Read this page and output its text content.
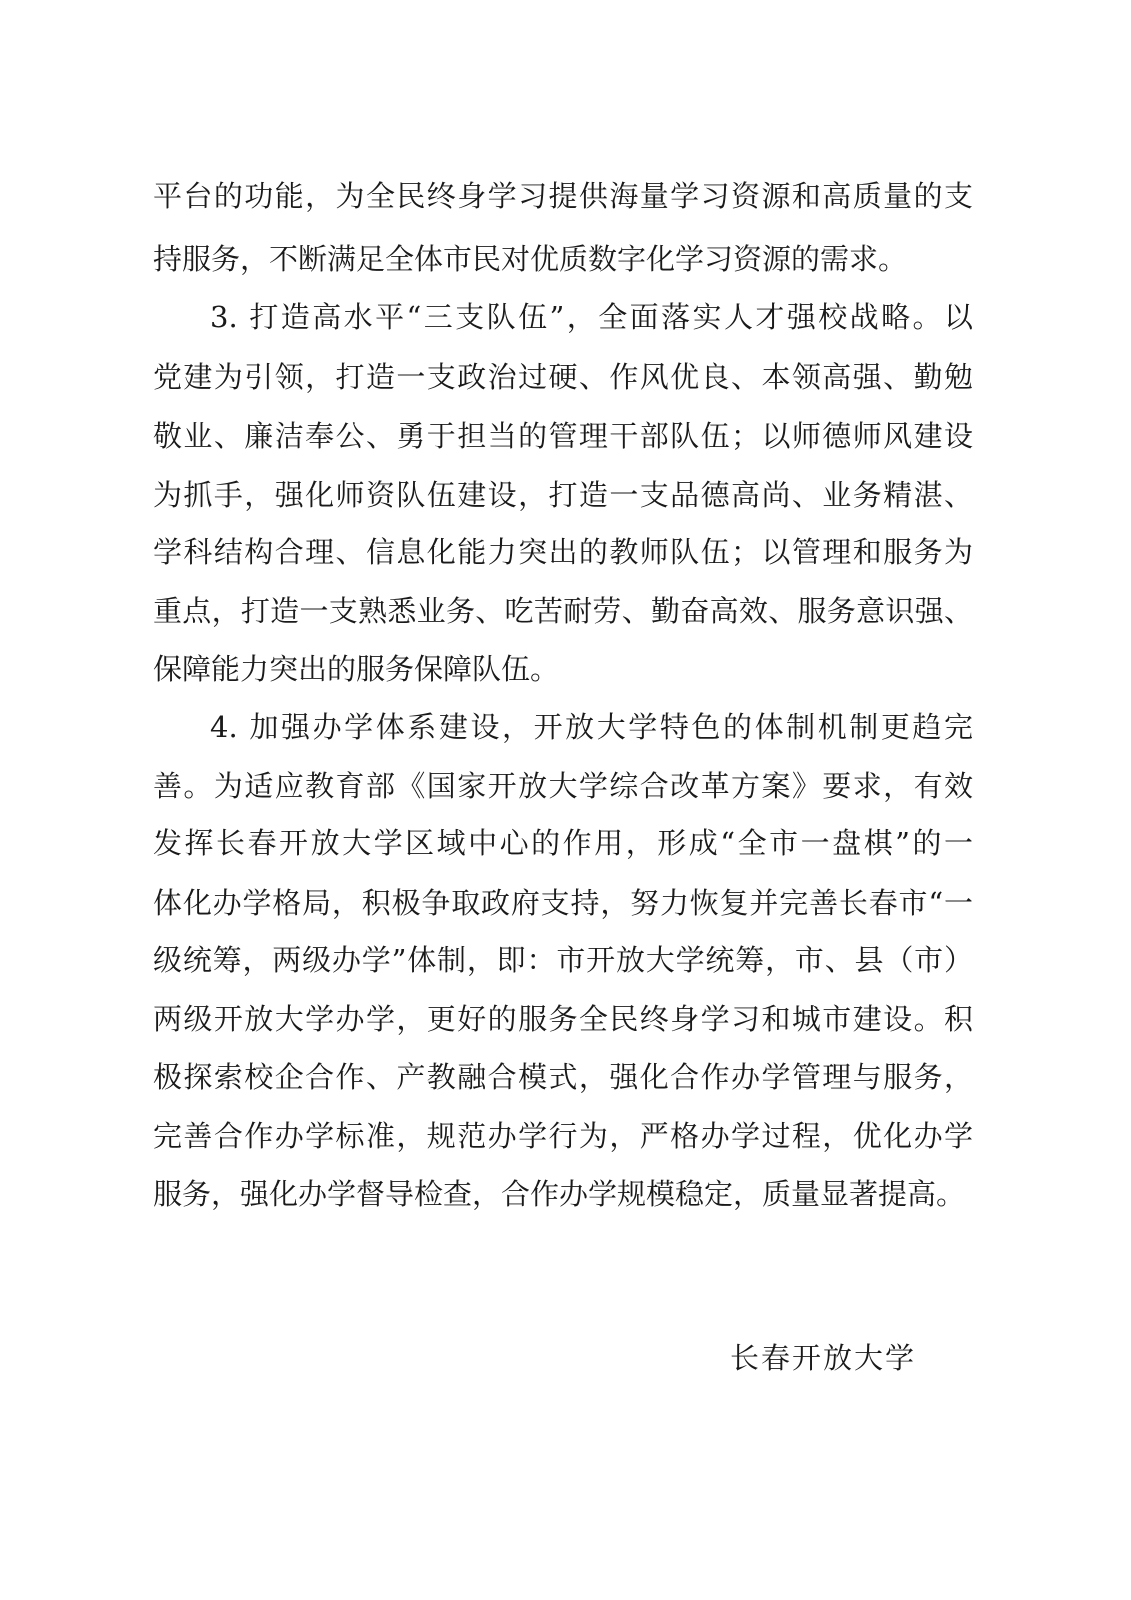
平台的功能，为全民终身学习提供海量学习资源和高质量的支
持服务，不断满足全体市民对优质数字化学习资源的需求。
3. 打造高水平“三支队伍”，全面落实人才强校战略。以
党建为引领，打造一支政治过硬、作风优良、本领高强、勤勉
敬业、廉洁奉公、勇于担当的管理干部队伍；以师德师风建设
为抓手，强化师资队伍建设，打造一支品德高尚、业务精湛、
学科结构合理、信息化能力突出的教师队伍；以管理和服务为
重点，打造一支熟悉业务、吃苦耐劳、勤奋高效、服务意识强、
保障能力突出的服务保障队伍。
4. 加强办学体系建设，开放大学特色的体制机制更趋完
善。为适应教育部《国家开放大学综合改革方案》要求，有效
发挥长春开放大学区域中心的作用，形成“全市一盘棋”的一
体化办学格局，积极争取政府支持，努力恢复并完善长春市“一
级统筹，两级办学”体制，即：市开放大学统筹，市、县（市）
两级开放大学办学，更好的服务全民终身学习和城市建设。积
极探索校企合作、产教融合模式，强化合作办学管理与服务，
完善合作办学标准，规范办学行为，严格办学过程，优化办学
服务，强化办学督导检查，合作办学规模稳定，质量显著提高。
长春开放大学
